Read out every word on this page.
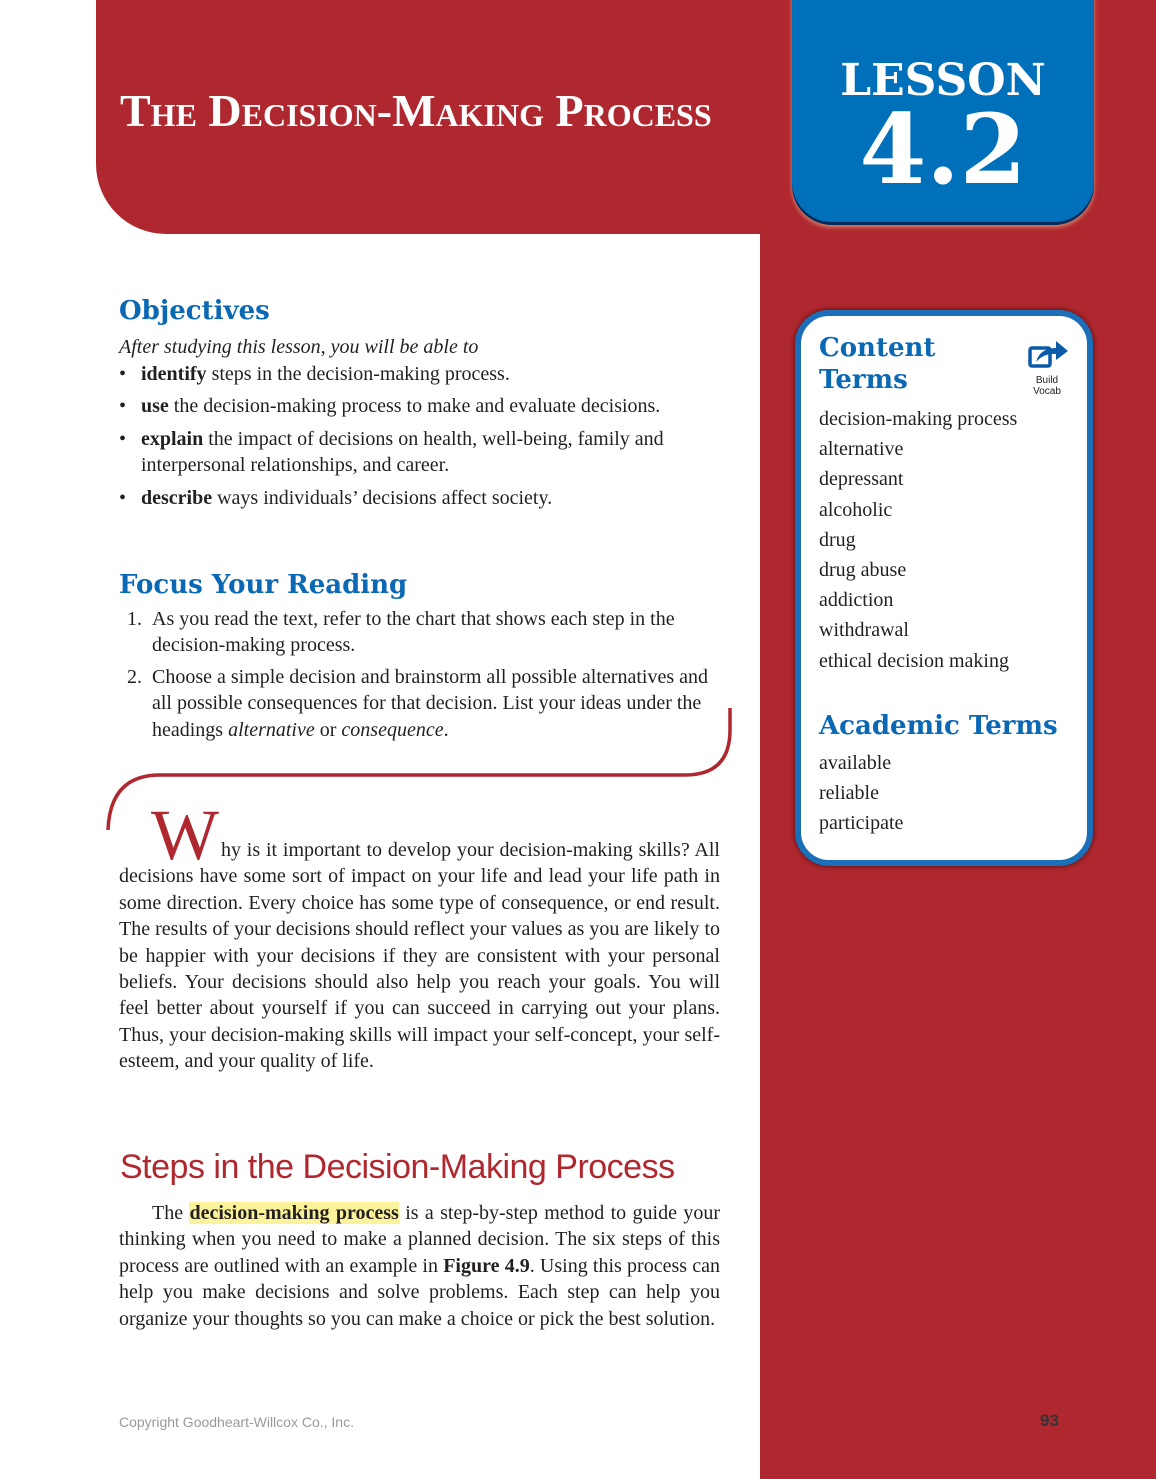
The Decision-Making Process
LESSON
4.2
Objectives
After studying this lesson, you will be able to
• identify steps in the decision-making process.
• use the decision-making process to make and evaluate decisions.
• explain the impact of decisions on health, well-being, family and interpersonal relationships, and career.
• describe ways individuals’ decisions affect society.
Focus Your Reading
1. As you read the text, refer to the chart that shows each step in the decision-making process.
2. Choose a simple decision and brainstorm all possible alternatives and all possible consequences for that decision. List your ideas under the headings alternative or consequence.
Why is it important to develop your decision-making skills? All decisions have some sort of impact on your life and lead your life path in some direction. Every choice has some type of consequence, or end result. The results of your decisions should reflect your values as you are likely to be happier with your decisions if they are consistent with your personal beliefs. Your decisions should also help you reach your goals. You will feel better about yourself if you can succeed in carrying out your plans. Thus, your decision-making skills will impact your self-concept, your self-esteem, and your quality of life.
Steps in the Decision-Making Process
The decision-making process is a step-by-step method to guide your thinking when you need to make a planned decision. The six steps of this process are outlined with an example in Figure 4.9. Using this process can help you make decisions and solve problems. Each step can help you organize your thoughts so you can make a choice or pick the best solution.
Content
Terms
decision-making process
alternative
depressant
alcoholic
drug
drug abuse
addiction
withdrawal
ethical decision making
Academic Terms
available
reliable
participate
Build
Vocab
Copyright Goodheart-Willcox Co., Inc.	93
